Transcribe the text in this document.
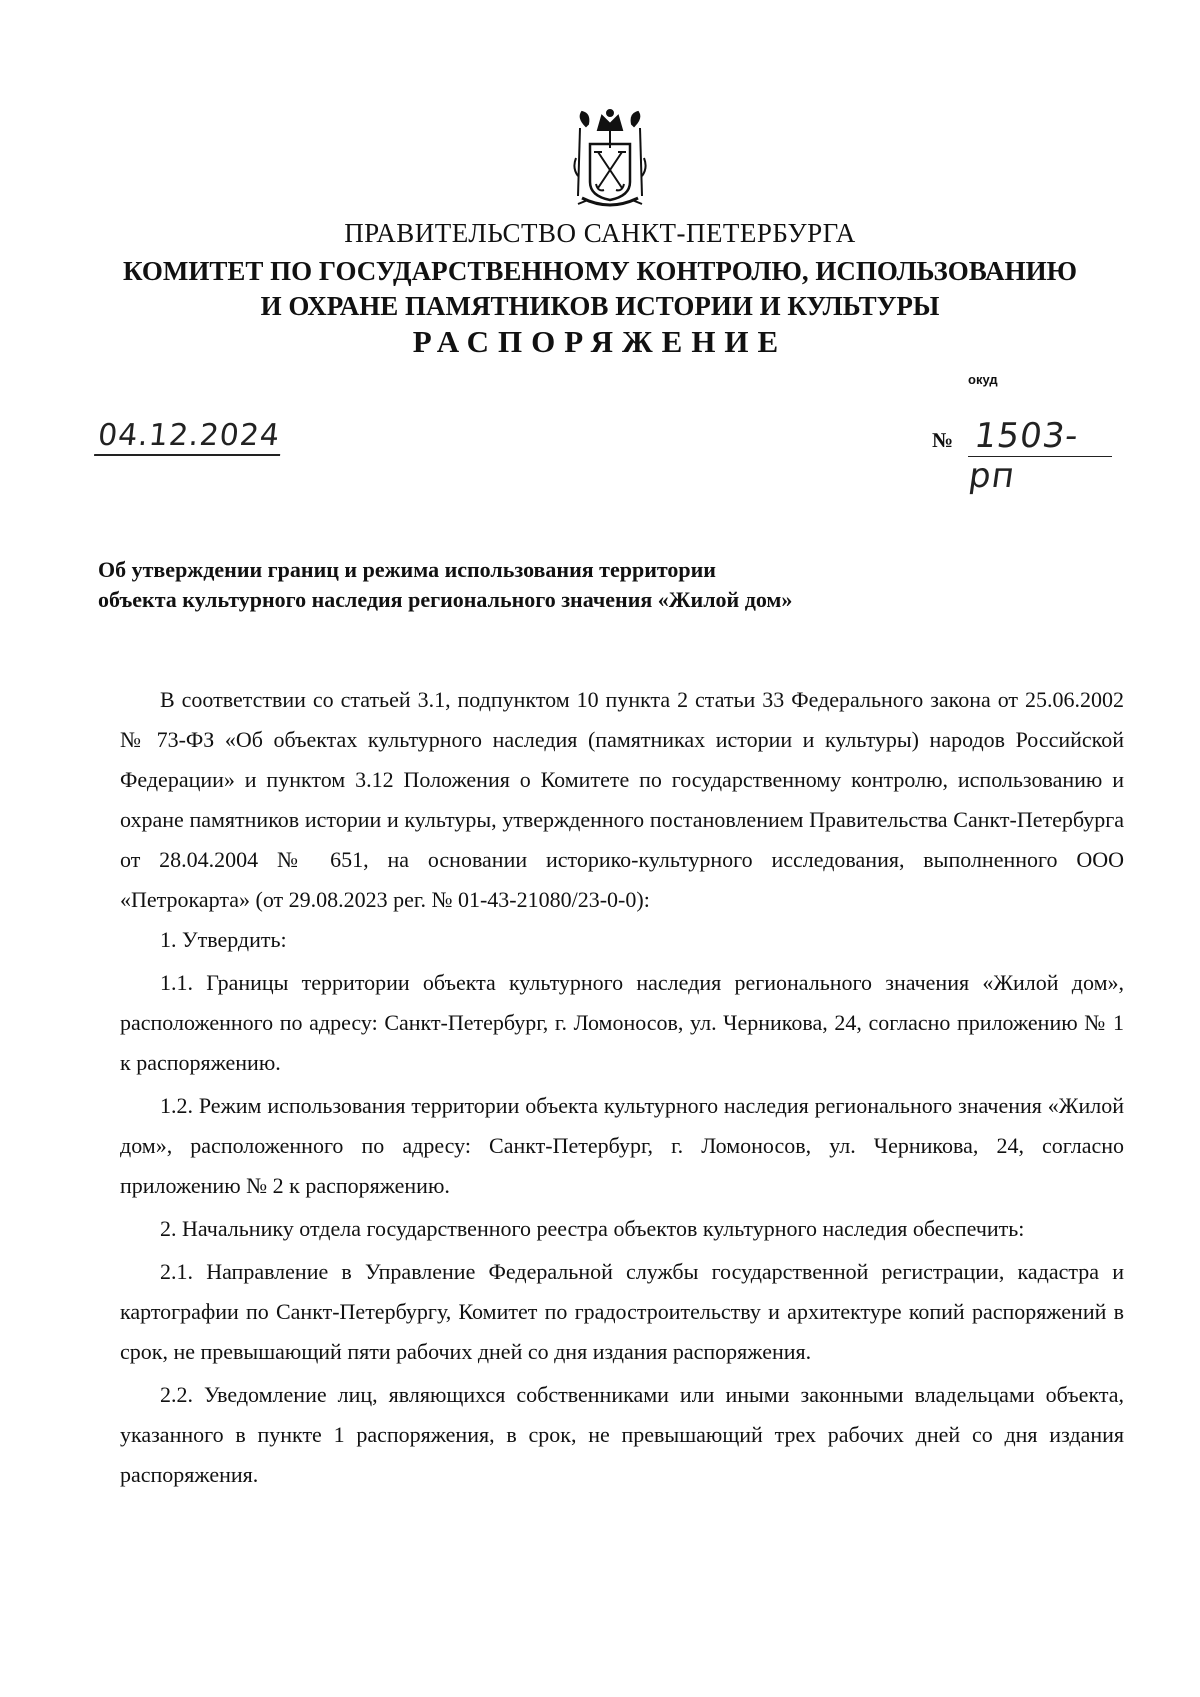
ПРАВИТЕЛЬСТВО САНКТ-ПЕТЕРБУРГА
КОМИТЕТ ПО ГОСУДАРСТВЕННОМУ КОНТРОЛЮ, ИСПОЛЬЗОВАНИЮ
И ОХРАНЕ ПАМЯТНИКОВ ИСТОРИИ И КУЛЬТУРЫ
РАСПОРЯЖЕНИЕ
окуд
04.12.2024	№ 1503-рп
Об утверждении границ и режима использования территории
объекта культурного наследия регионального значения «Жилой дом»

В соответствии со статьей 3.1, подпунктом 10 пункта 2 статьи 33 Федерального закона от 25.06.2002 № 73-ФЗ «Об объектах культурного наследия (памятниках истории и культуры) народов Российской Федерации» и пунктом 3.12 Положения о Комитете по государственному контролю, использованию и охране памятников истории и культуры, утвержденного постановлением Правительства Санкт-Петербурга от 28.04.2004 № 651, на основании историко-культурного исследования, выполненного ООО «Петрокарта» (от 29.08.2023 рег. № 01-43-21080/23-0-0):

1. Утвердить:

1.1. Границы территории объекта культурного наследия регионального значения «Жилой дом», расположенного по адресу: Санкт-Петербург, г. Ломоносов, ул. Черникова, 24, согласно приложению № 1 к распоряжению.

1.2. Режим использования территории объекта культурного наследия регионального значения «Жилой дом», расположенного по адресу: Санкт-Петербург, г. Ломоносов, ул. Черникова, 24, согласно приложению № 2 к распоряжению.

2. Начальнику отдела государственного реестра объектов культурного наследия обеспечить:

2.1. Направление в Управление Федеральной службы государственной регистрации, кадастра и картографии по Санкт-Петербургу, Комитет по градостроительству и архитектуре копий распоряжений в срок, не превышающий пяти рабочих дней со дня издания распоряжения.

2.2. Уведомление лиц, являющихся собственниками или иными законными владельцами объекта, указанного в пункте 1 распоряжения, в срок, не превышающий трех рабочих дней со дня издания распоряжения.
